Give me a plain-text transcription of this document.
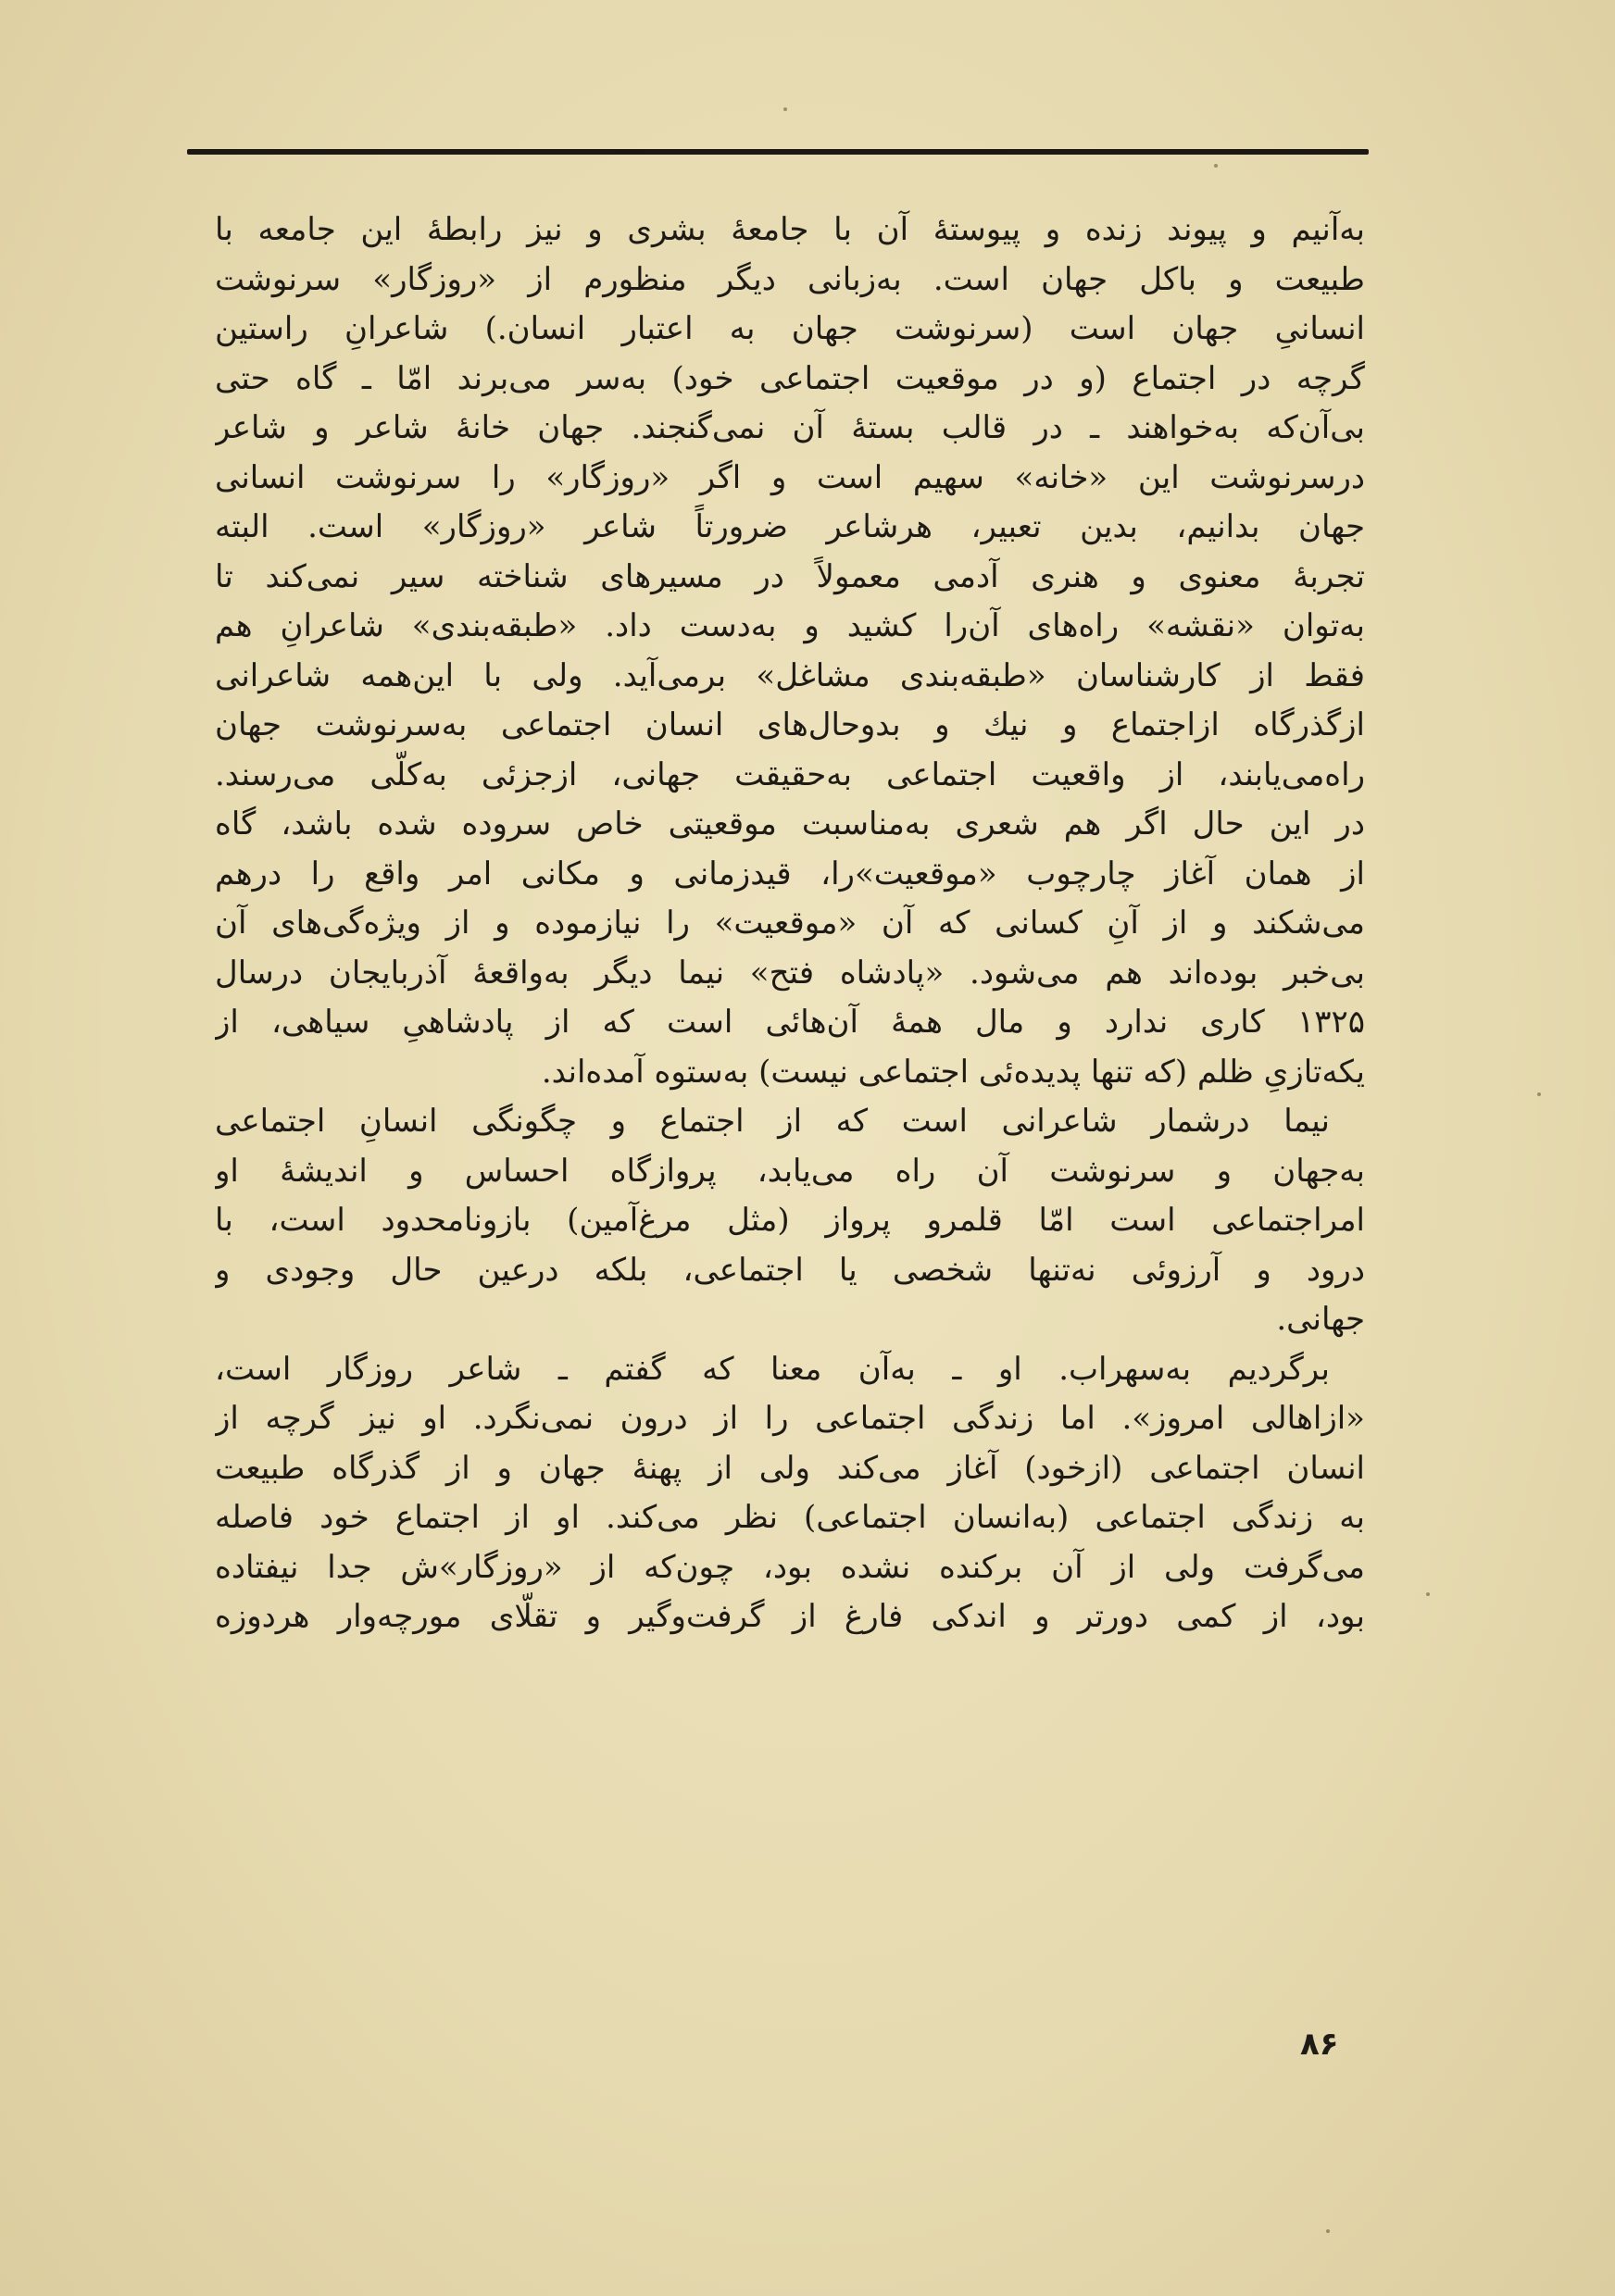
به‌آنیم و پیوند زنده و پیوستهٔ آن با جامعهٔ بشری و نیز رابطهٔ این جامعه با
طبیعت و باکل جهان است. به‌زبانی دیگر منظورم از «روزگار» سرنوشت
انسانیِ جهان است (سرنوشت جهان به اعتبار انسان.) شاعرانِ راستین
گرچه در اجتماع (و در موقعیت اجتماعی خود) به‌سر می‌برند امّا ـ گاه حتی
بی‌آن‌که به‌خواهند ـ در قالب بستهٔ آن نمی‌گنجند. جهان خانهٔ شاعر و شاعر
درسرنوشت این «خانه» سهیم است و اگر «روزگار» را سرنوشت انسانی
جهان بدانیم، بدین تعبیر، هرشاعر ضرورتاً شاعر «روزگار» است. البته
تجربهٔ معنوی و هنری آدمی معمولاً در مسیرهای شناخته سیر نمی‌کند تا
به‌توان «نقشه» راه‌های آن‌را کشید و به‌دست داد. «طبقه‌بندی» شاعرانِ هم
فقط از کارشناسان «طبقه‌بندی مشاغل» برمی‌آید. ولی با این‌همه شاعرانی
ازگذرگاه ازاجتماع و نیك و بدوحال‌های انسان اجتماعی به‌سرنوشت جهان
راه‌می‌یابند، از واقعیت اجتماعی به‌حقیقت جهانی، ازجزئی به‌کلّی می‌رسند.
در این حال اگر هم شعری به‌مناسبت موقعیتی خاص سروده شده باشد، گاه
از همان آغاز چارچوب «موقعیت»را، قیدزمانی و مکانی امر واقع را درهم
می‌شکند و از آنِ کسانی که آن «موقعیت» را نیازموده و از ویژه‌گی‌های آن
بی‌خبر بوده‌اند هم می‌شود. «پادشاه فتح» نیما دیگر به‌واقعهٔ آذربایجان درسال
۱۳۲۵ کاری ندارد و مال همهٔ آن‌هائی است که از پادشاهیِ سیاهی، از
یکه‌تازیِ ظلم (که تنها پدیده‌ئی اجتماعی نیست) به‌ستوه آمده‌اند.
نیما درشمار شاعرانی است که از اجتماع و چگونگی انسانِ اجتماعی
به‌جهان و سرنوشت آن راه می‌یابد، پروازگاه احساس و اندیشهٔ او
امراجتماعی است امّا قلمرو پرواز (مثل مرغ‌آمین) بازونامحدود است، با
درود و آرزوئی نه‌تنها شخصی یا اجتماعی، بلکه درعین حال وجودی و
جهانی.
برگردیم به‌سهراب. او ـ به‌آن معنا که گفتم ـ شاعر روزگار است،
«ازاهالی امروز». اما زندگی اجتماعی را از درون نمی‌نگرد. او نیز گرچه از
انسان اجتماعی (ازخود) آغاز می‌کند ولی از پهنهٔ جهان و از گذرگاه طبیعت
به زندگی اجتماعی (به‌انسان اجتماعی) نظر می‌کند. او از اجتماع خود فاصله
می‌گرفت ولی از آن برکنده نشده بود، چون‌که از «روزگار»ش جدا نیفتاده
بود، از کمی دورتر و اندکی فارغ از گرفت‌وگیر و تقلّای مورچه‌وار هردوزه
۸۶
